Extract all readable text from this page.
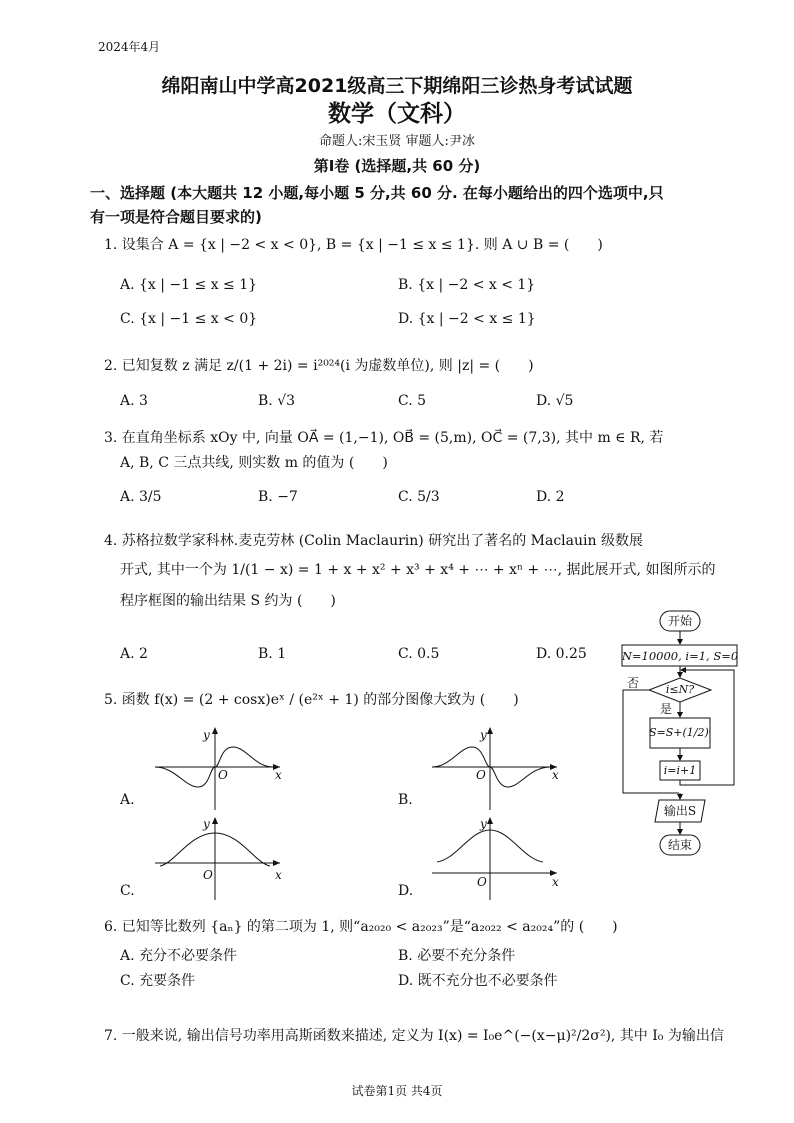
2024年4月
绵阳南山中学高2021级高三下期绵阳三诊热身考试试题
数学（文科）
命题人:宋玉贤 审题人:尹冰
第Ⅰ卷 (选择题,共 60 分)
一、选择题 (本大题共 12 小题,每小题 5 分,共 60 分. 在每小题给出的四个选项中,只
有一项是符合题目要求的)
1. 设集合 A = {x | −2 < x < 0}, B = {x | −1 ≤ x ≤ 1}. 则 A ∪ B = (　　)
A. {x | −1 ≤ x ≤ 1}	B. {x | −2 < x < 1}
C. {x | −1 ≤ x < 0}	D. {x | −2 < x ≤ 1}
2. 已知复数 z 满足 z/(1 + 2i) = i²⁰²⁴(i 为虚数单位), 则 |z| = (　　)
A. 3	B. √3	C. 5	D. √5
3. 在直角坐标系 xOy 中, 向量 OA⃗ = (1,−1), OB⃗ = (5,m), OC⃗ = (7,3), 其中 m ∈ R, 若
A, B, C 三点共线, 则实数 m 的值为 (　　)
A. 3/5	B. −7	C. 5/3	D. 2
4. 苏格拉数学家科林.麦克劳林 (Colin Maclaurin) 研究出了著名的 Maclauin 级数展
开式, 其中一个为 1/(1 − x) = 1 + x + x² + x³ + x⁴ + ⋯ + xⁿ + ⋯, 据此展开式, 如图所示的
程序框图的输出结果 S 约为 (　　)
A. 2	B. 1	C. 0.5	D. 0.25
开始
N=10000, i=1, S=0
i≤N?
否
是
S=S+(1/2)ⁱ
i=i+1
输出S
结束
5. 函数 f(x) = (2 + cosx)eˣ / (e²ˣ + 1) 的部分图像大致为 (　　)
A.	B.
C.	D.
y
O	x
y
O	x
y
O	x
y
O	x
6. 已知等比数列 {aₙ} 的第二项为 1, 则“a₂₀₂₀ < a₂₀₂₃”是“a₂₀₂₂ < a₂₀₂₄”的 (　　)
A. 充分不必要条件	B. 必要不充分条件
C. 充要条件	D. 既不充分也不必要条件
7. 一般来说, 输出信号功率用高斯函数来描述, 定义为 I(x) = I₀e^(−(x−μ)²/2σ²), 其中 I₀ 为输出信
试卷第1页 共4页
